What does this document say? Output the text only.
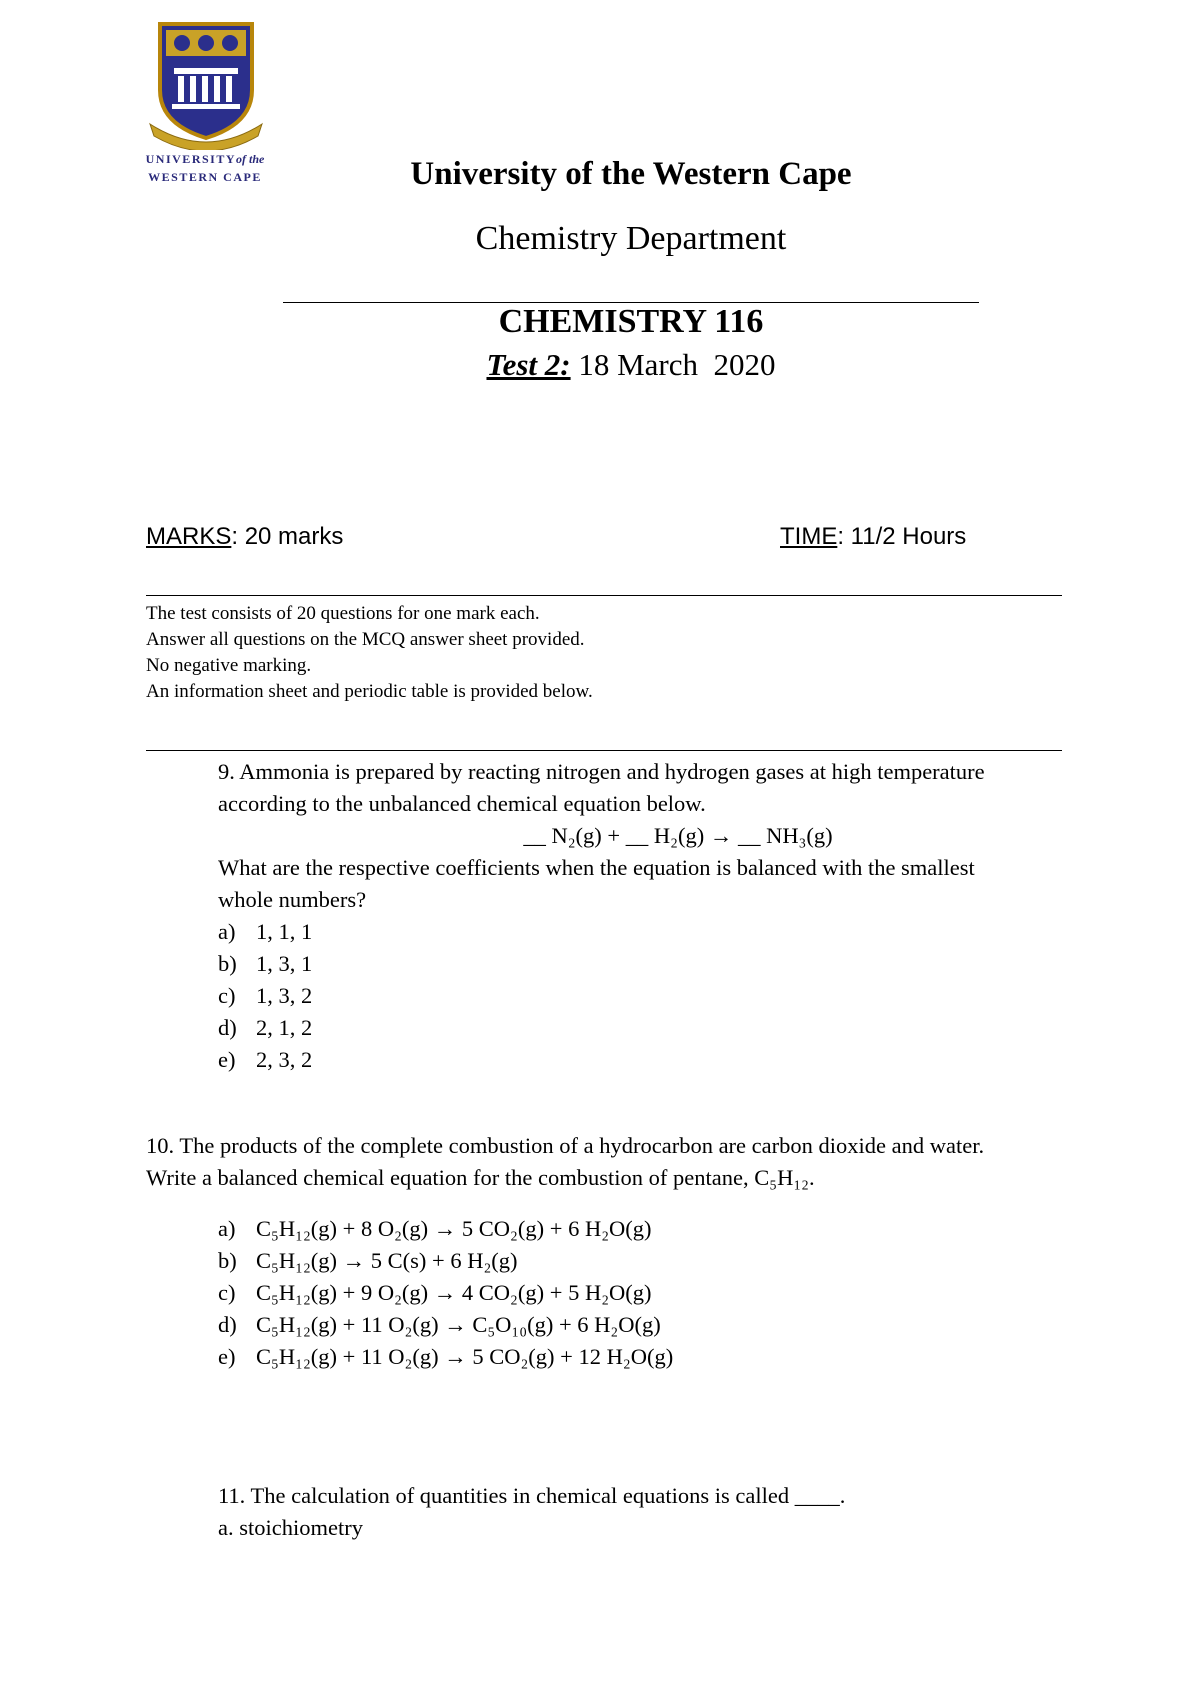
UNIVERSITYof the
WESTERN CAPE	University of the Western Cape
Chemistry Department
CHEMISTRY 116
Test 2: 18 March  2020
MARKS: 20 marks	TIME: 11/2 Hours
The test consists of 20 questions for one mark each.
Answer all questions on the MCQ answer sheet provided.
No negative marking.
An information sheet and periodic table is provided below.
9. Ammonia is prepared by reacting nitrogen and hydrogen gases at high temperature
according to the unbalanced chemical equation below.
__ N₂(g) + __ H₂(g) → __ NH₃(g)
What are the respective coefficients when the equation is balanced with the smallest
whole numbers?
a) 1, 1, 1
b) 1, 3, 1
c) 1, 3, 2
d) 2, 1, 2
e) 2, 3, 2
10. The products of the complete combustion of a hydrocarbon are carbon dioxide and water.
Write a balanced chemical equation for the combustion of pentane, C₅H₁₂.
a) C₅H₁₂(g) + 8 O₂(g) → 5 CO₂(g) + 6 H₂O(g)
b) C₅H₁₂(g) → 5 C(s) + 6 H₂(g)
c) C₅H₁₂(g) + 9 O₂(g) → 4 CO₂(g) + 5 H₂O(g)
d) C₅H₁₂(g) + 11 O₂(g) → C₅O₁₀(g) + 6 H₂O(g)
e) C₅H₁₂(g) + 11 O₂(g) → 5 CO₂(g) + 12 H₂O(g)
11. The calculation of quantities in chemical equations is called ____.
a. stoichiometry
